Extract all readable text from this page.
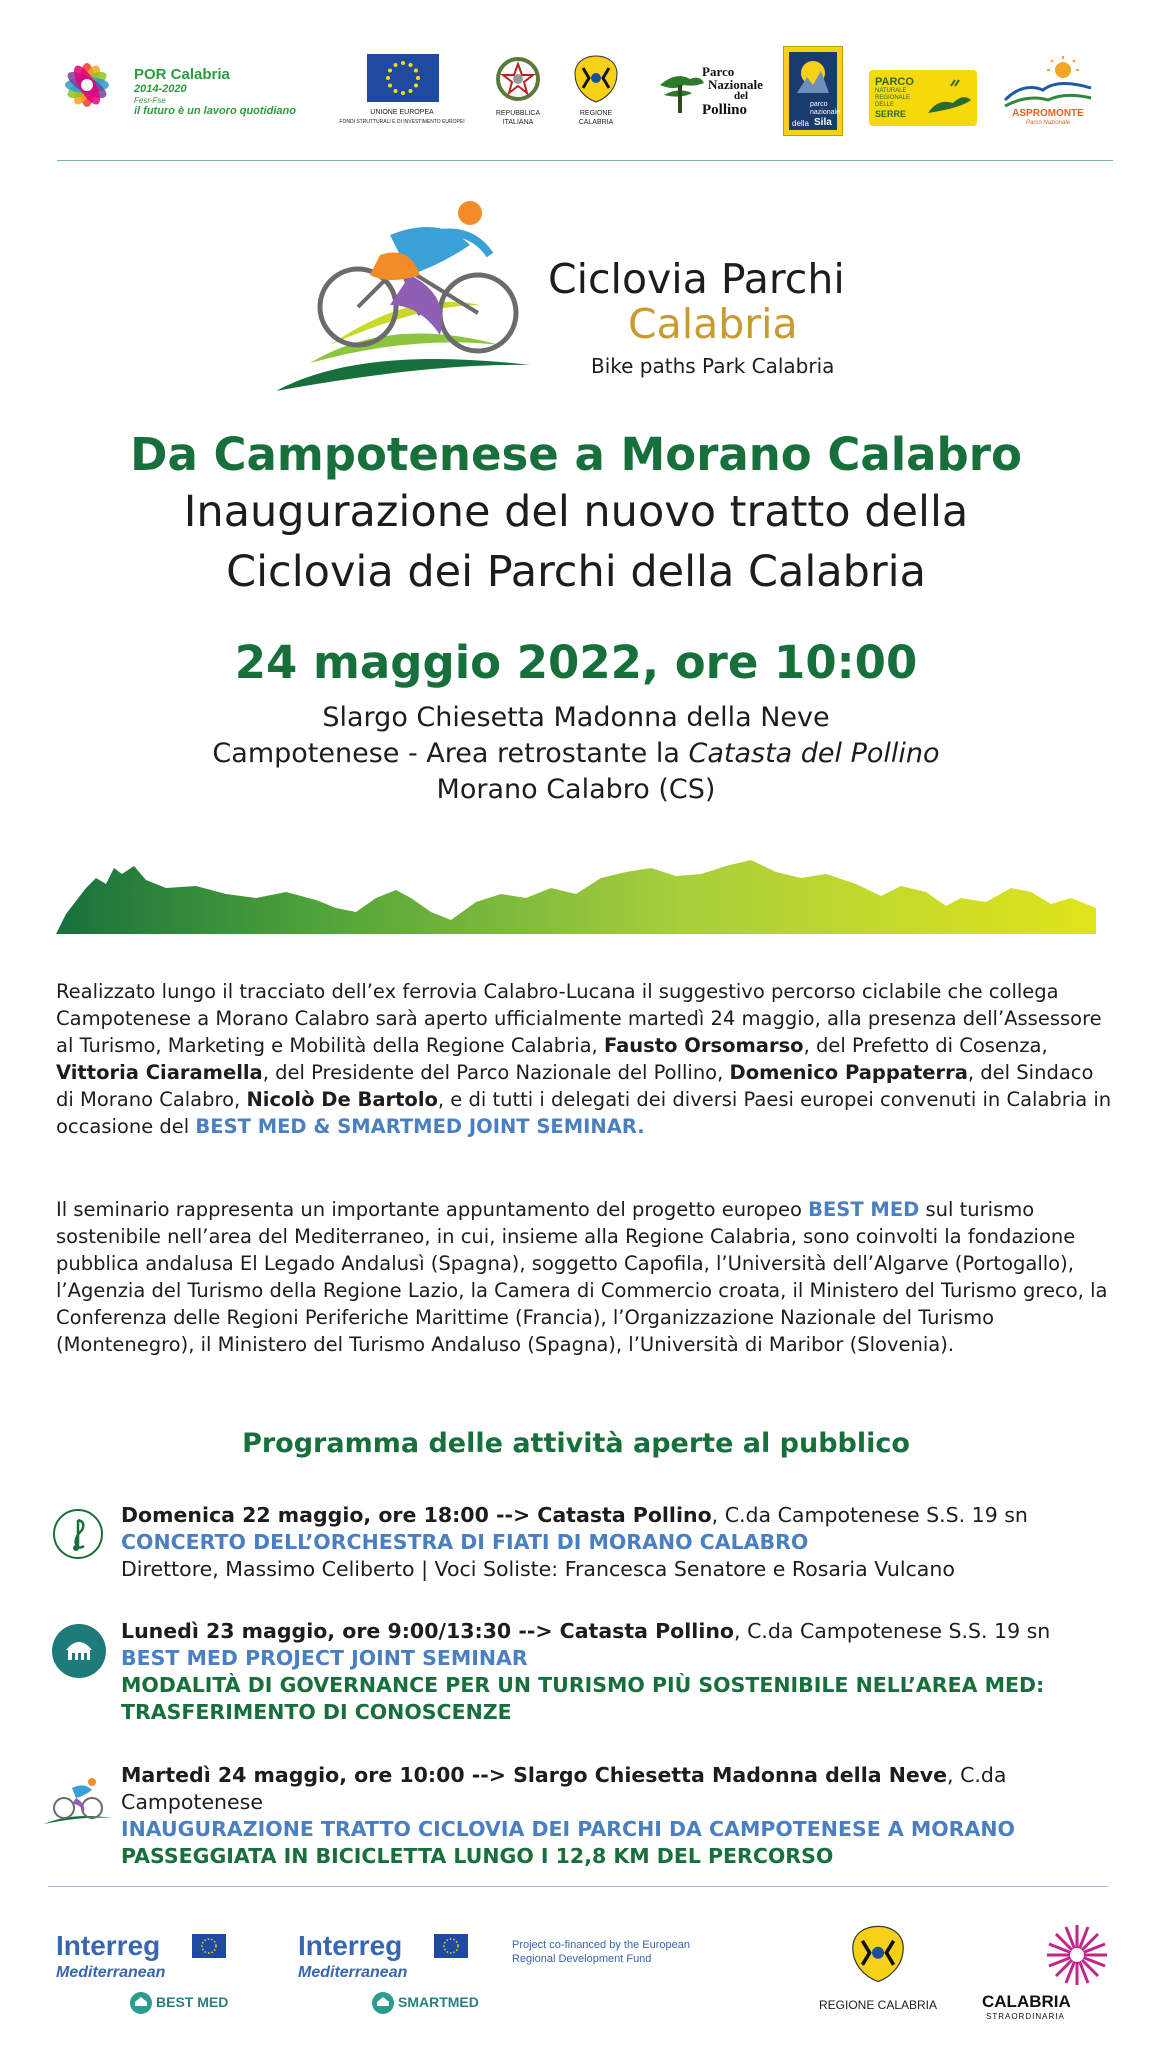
POR Calabria
2014-2020
Fesr-Fse
il futuro è un lavoro quotidiano	UNIONE EUROPEA
FONDI STRUTTURALI E DI INVESTIMENTO EUROPEI
REPUBBLICA ITALIANA
REGIONE CALABRIA
Parco
Nazionale
del
Pollino	parco
nazionale
della Sila
PARCO
NATURALE
REGIONALE
DELLE
SERRE	ASPROMONTE
Parco Nazionale
Ciclovia Parchi
Calabria
Bike paths Park Calabria
Da Campotenese a Morano Calabro
Inaugurazione del nuovo tratto della
Ciclovia dei Parchi della Calabria
24 maggio 2022, ore 10:00
Slargo Chiesetta Madonna della Neve
Campotenese - Area retrostante la Catasta del Pollino
Morano Calabro (CS)
Realizzato lungo il tracciato dell’ex ferrovia Calabro-Lucana il suggestivo percorso ciclabile che collega Campotenese a Morano Calabro sarà aperto ufficialmente martedì 24 maggio, alla presenza dell’Assessore al Turismo, Marketing e Mobilità della Regione Calabria, Fausto Orsomarso, del Prefetto di Cosenza, Vittoria Ciaramella, del Presidente del Parco Nazionale del Pollino, Domenico Pappaterra, del Sindaco di Morano Calabro, Nicolò De Bartolo, e di tutti i delegati dei diversi Paesi europei convenuti in Calabria in occasione del BEST MED & SMARTMED JOINT SEMINAR.
Il seminario rappresenta un importante appuntamento del progetto europeo BEST MED sul turismo sostenibile nell’area del Mediterraneo, in cui, insieme alla Regione Calabria, sono coinvolti la fondazione pubblica andalusa El Legado Andalusì (Spagna), soggetto Capofila, l’Università dell’Algarve (Portogallo), l’Agenzia del Turismo della Regione Lazio, la Camera di Commercio croata, il Ministero del Turismo greco, la Conferenza delle Regioni Periferiche Marittime (Francia), l’Organizzazione Nazionale del Turismo (Montenegro), il Ministero del Turismo Andaluso (Spagna), l’Università di Maribor (Slovenia).
Programma delle attività aperte al pubblico
Domenica 22 maggio, ore 18:00 --> Catasta Pollino, C.da Campotenese S.S. 19 sn
CONCERTO DELL’ORCHESTRA DI FIATI DI MORANO CALABRO
Direttore, Massimo Celiberto | Voci Soliste: Francesca Senatore e Rosaria Vulcano
Lunedì 23 maggio, ore 9:00/13:30 --> Catasta Pollino, C.da Campotenese S.S. 19 sn
BEST MED PROJECT JOINT SEMINAR
MODALITÀ DI GOVERNANCE PER UN TURISMO PIÙ SOSTENIBILE NELL’AREA MED:
TRASFERIMENTO DI CONOSCENZE
Martedì 24 maggio, ore 10:00 --> Slargo Chiesetta Madonna della Neve, C.da Campotenese
INAUGURAZIONE TRATTO CICLOVIA DEI PARCHI DA CAMPOTENESE A MORANO
PASSEGGIATA IN BICICLETTA LUNGO I 12,8 KM DEL PERCORSO
Interreg
Mediterranean
BEST MED
Interreg
Mediterranean
SMARTMED
Project co-financed by the European Regional Development Fund
REGIONE CALABRIA	CALABRIA
STRAORDINARIA
